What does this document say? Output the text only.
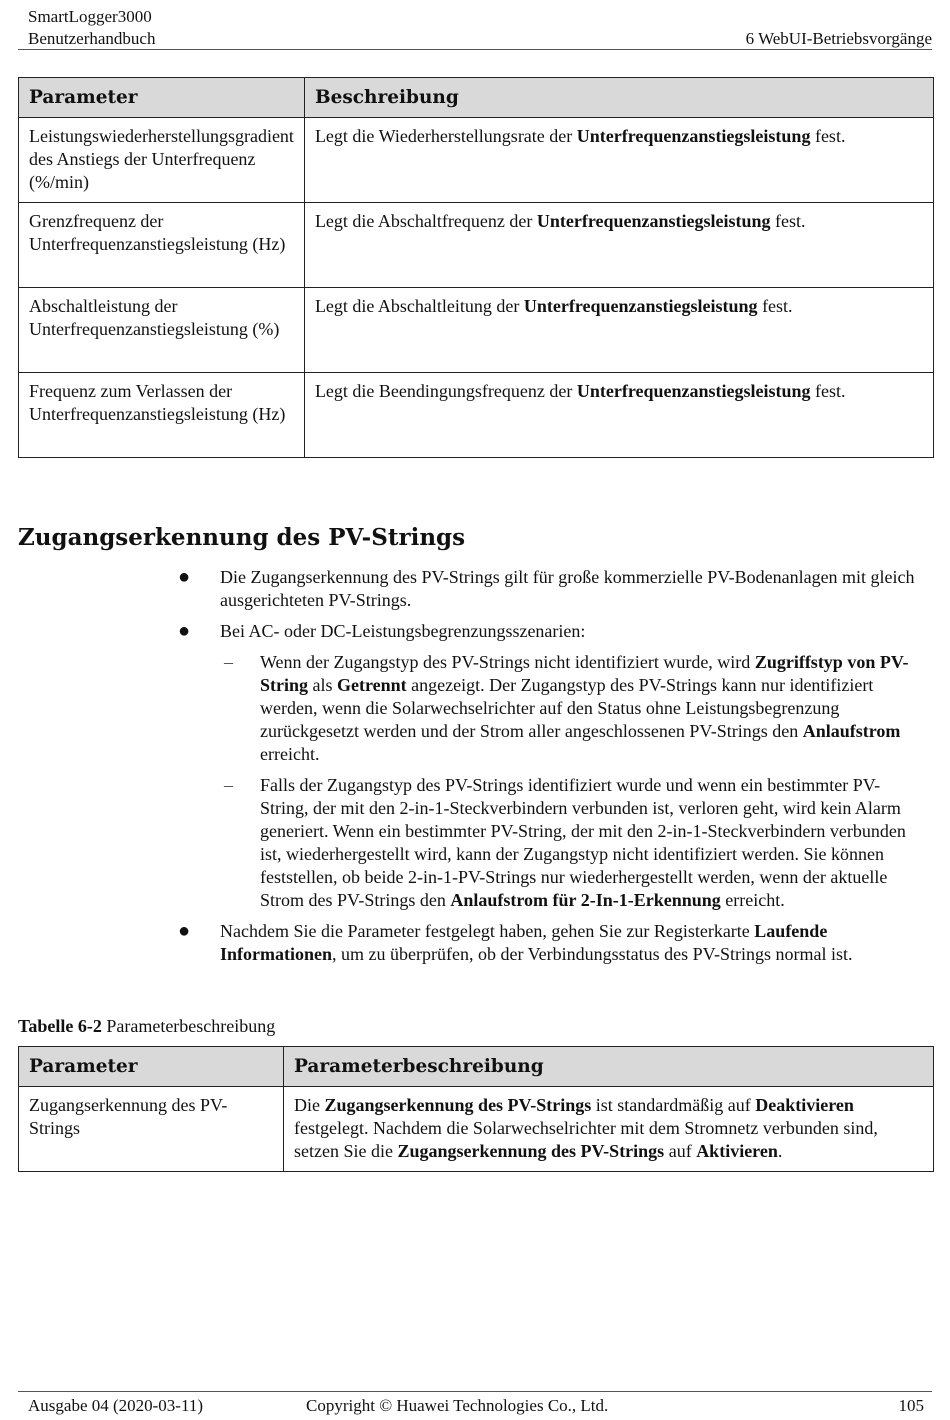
SmartLogger3000
Benutzerhandbuch	6 WebUI-Betriebsvorgänge
Parameter	Beschreibung
Leistungswiederherstellungsgradient des Anstiegs der Unterfrequenz (%/min)	Legt die Wiederherstellungsrate der Unterfrequenzanstiegsleistung fest.
Grenzfrequenz der Unterfrequenzanstiegsleistung (Hz)	Legt die Abschaltfrequenz der Unterfrequenzanstiegsleistung fest.
Abschaltleistung der Unterfrequenzanstiegsleistung (%)	Legt die Abschaltleitung der Unterfrequenzanstiegsleistung fest.
Frequenz zum Verlassen der Unterfrequenzanstiegsleistung (Hz)	Legt die Beendingungsfrequenz der Unterfrequenzanstiegsleistung fest.
Zugangserkennung des PV-Strings
● Die Zugangserkennung des PV-Strings gilt für große kommerzielle PV-Bodenanlagen mit gleich ausgerichteten PV-Strings.
● Bei AC- oder DC-Leistungsbegrenzungsszenarien:
– Wenn der Zugangstyp des PV-Strings nicht identifiziert wurde, wird Zugriffstyp von PV-String als Getrennt angezeigt. Der Zugangstyp des PV-Strings kann nur identifiziert werden, wenn die Solarwechselrichter auf den Status ohne Leistungsbegrenzung zurückgesetzt werden und der Strom aller angeschlossenen PV-Strings den Anlaufstrom erreicht.
– Falls der Zugangstyp des PV-Strings identifiziert wurde und wenn ein bestimmter PV-String, der mit den 2-in-1-Steckverbindern verbunden ist, verloren geht, wird kein Alarm generiert. Wenn ein bestimmter PV-String, der mit den 2-in-1-Steckverbindern verbunden ist, wiederhergestellt wird, kann der Zugangstyp nicht identifiziert werden. Sie können feststellen, ob beide 2-in-1-PV-Strings nur wiederhergestellt werden, wenn der aktuelle Strom des PV-Strings den Anlaufstrom für 2-In-1-Erkennung erreicht.
● Nachdem Sie die Parameter festgelegt haben, gehen Sie zur Registerkarte Laufende Informationen, um zu überprüfen, ob der Verbindungsstatus des PV-Strings normal ist.
Tabelle 6-2 Parameterbeschreibung
Parameter	Parameterbeschreibung
Zugangserkennung des PV-Strings	Die Zugangserkennung des PV-Strings ist standardmäßig auf Deaktivieren festgelegt. Nachdem die Solarwechselrichter mit dem Stromnetz verbunden sind, setzen Sie die Zugangserkennung des PV-Strings auf Aktivieren.
Ausgabe 04 (2020-03-11)	Copyright © Huawei Technologies Co., Ltd.	105
